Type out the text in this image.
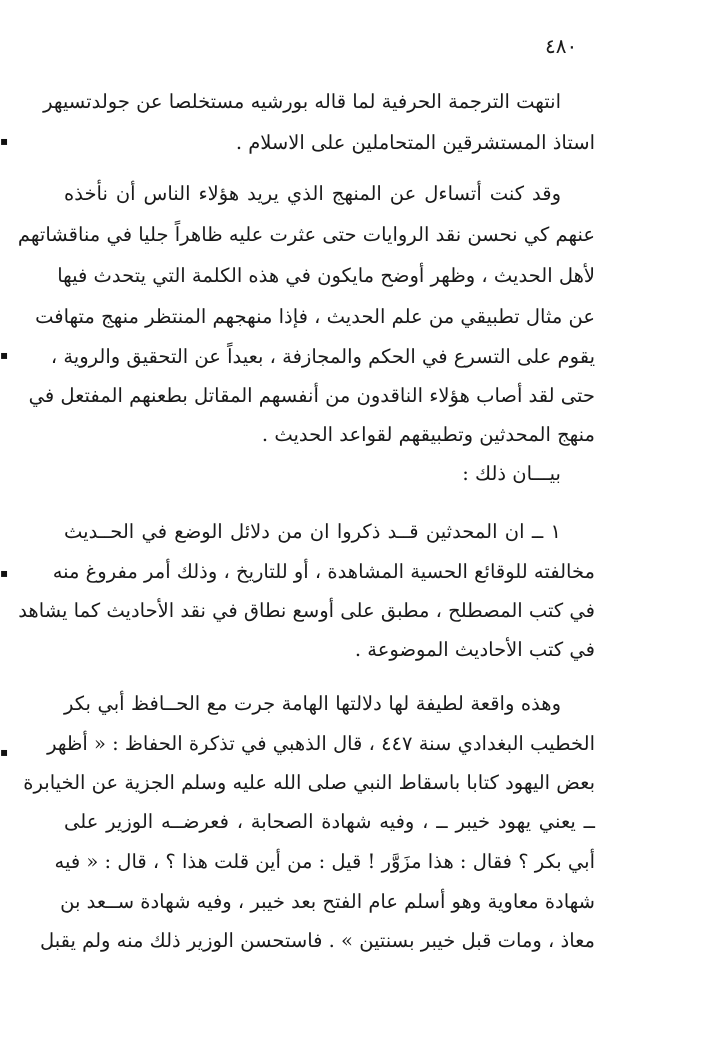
٤٨٠
انتهت الترجمة الحرفية لما قاله بورشيه مستخلصا عن جولدتسيهر
استاذ المستشرقين المتحاملين على الاسلام .
وقد كنت أتساءل عن المنهج الذي يريد هؤلاء الناس أن نأخذه
عنهم كي نحسن نقد الروايات حتى عثرت عليه ظاهراً جليا في مناقشاتهم
لأهل الحديث ، وظهر أوضح مايكون في هذه الكلمة التي يتحدث فيها
عن مثال تطبيقي من علم الحديث ، فإذا منهجهم المنتظر منهج متهافت
يقوم على التسرع في الحكم والمجازفة ، بعيداً عن التحقيق والروية ،
حتى لقد أصاب هؤلاء الناقدون من أنفسهم المقاتل بطعنهم المفتعل في
منهج المحدثين وتطبيقهم لقواعد الحديث .
بيـــان ذلك :
١ ــ ان المحدثين قــد ذكروا ان من دلائل الوضع في الحــديث
مخالفته للوقائع الحسية المشاهدة ، أو للتاريخ ، وذلك أمر مفروغ منه
في كتب المصطلح ، مطبق على أوسع نطاق في نقد الأحاديث كما يشاهد
في كتب الأحاديث الموضوعة .
وهذه واقعة لطيفة لها دلالتها الهامة جرت مع الحــافظ أبي بكر
الخطيب البغدادي سنة ٤٤٧ ، قال الذهبي في تذكرة الحفاظ : « أظهر
بعض اليهود كتابا باسقاط النبي صلى الله عليه وسلم الجزية عن الخيابرة
ــ يعني يهود خيبر ــ ، وفيه شهادة الصحابة ، فعرضــه الوزير على
أبي بكر ؟ فقال : هذا مزَوَّر ! قيل : من أين قلت هذا ؟ ، قال : « فيه
شهادة معاوية وهو أسلم عام الفتح بعد خيبر ، وفيه شهادة ســعد بن
معاذ ، ومات قبل خيبر بسنتين » . فاستحسن الوزير ذلك منه ولم يقبل
▪
▪
▪
▪
